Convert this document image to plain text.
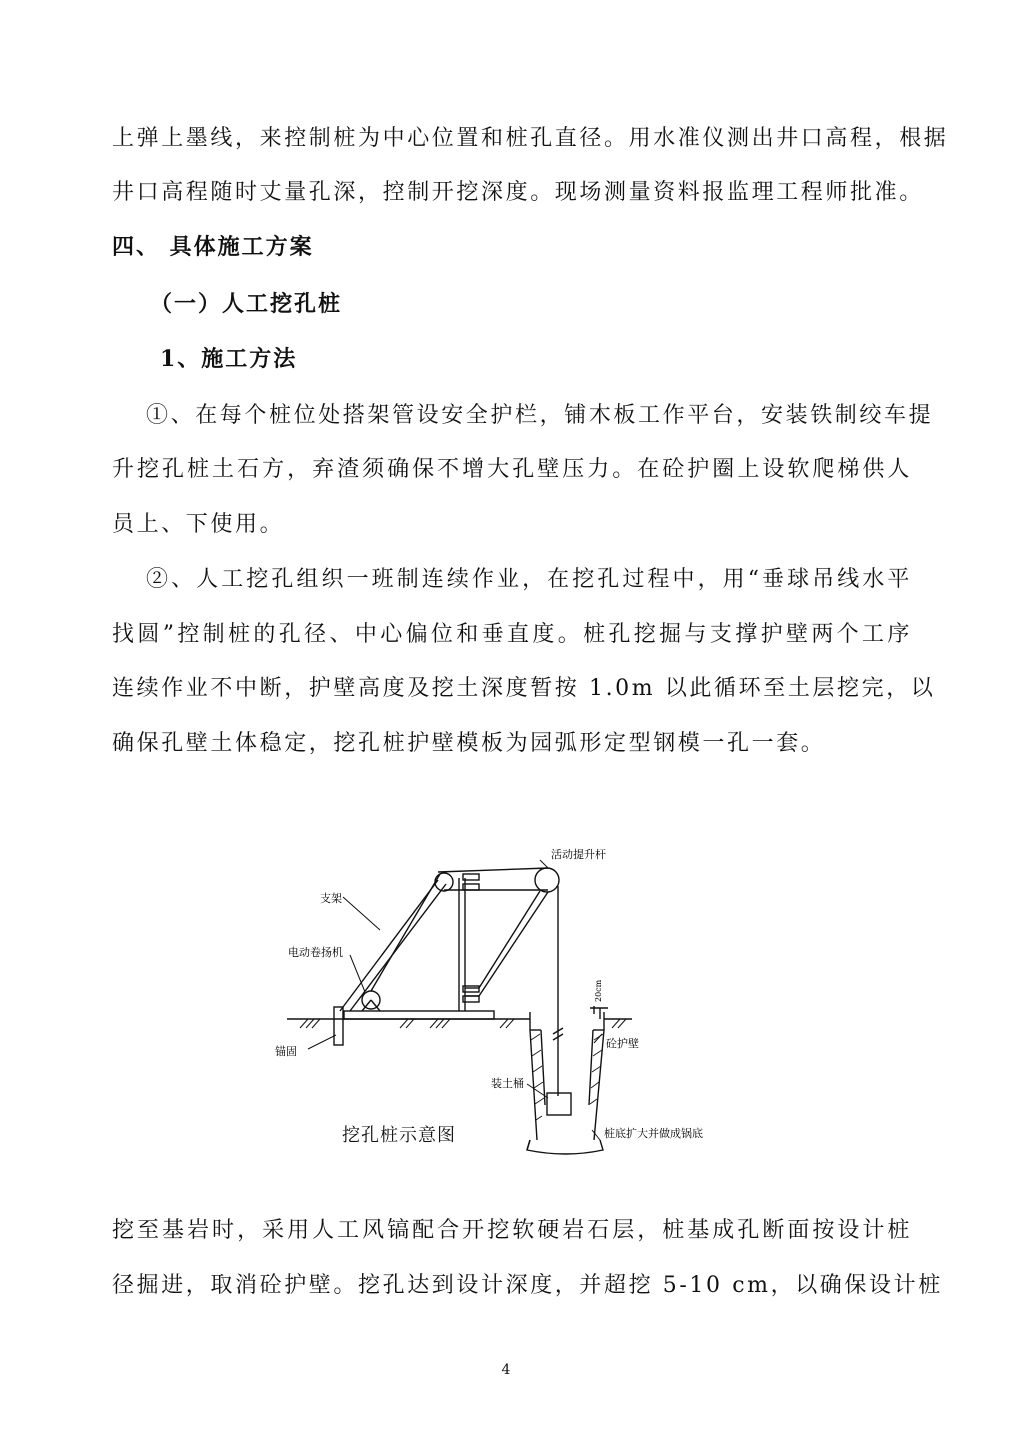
上弹上墨线，来控制桩为中心位置和桩孔直径。用水准仪测出井口高程，根据
井口高程随时丈量孔深，控制开挖深度。现场测量资料报监理工程师批准。
四、 具体施工方案
（一）人工挖孔桩
1、施工方法
①、在每个桩位处搭架管设安全护栏，铺木板工作平台，安装铁制绞车提
升挖孔桩土石方，弃渣须确保不增大孔壁压力。在砼护圈上设软爬梯供人
员上、下使用。
②、人工挖孔组织一班制连续作业，在挖孔过程中，用“垂球吊线水平
找圆”控制桩的孔径、中心偏位和垂直度。桩孔挖掘与支撑护壁两个工序
连续作业不中断，护壁高度及挖土深度暂按 1.0m 以此循环至土层挖完，以
确保孔壁土体稳定，挖孔桩护壁模板为园弧形定型钢模一孔一套。
活动提升杆
支架
电动卷扬机
锚固
装土桶
砼护壁
桩底扩大并做成锅底
20cm
挖孔桩示意图
挖至基岩时，采用人工风镐配合开挖软硬岩石层，桩基成孔断面按设计桩
径掘进，取消砼护壁。挖孔达到设计深度，并超挖 5-10 cm，以确保设计桩
4
